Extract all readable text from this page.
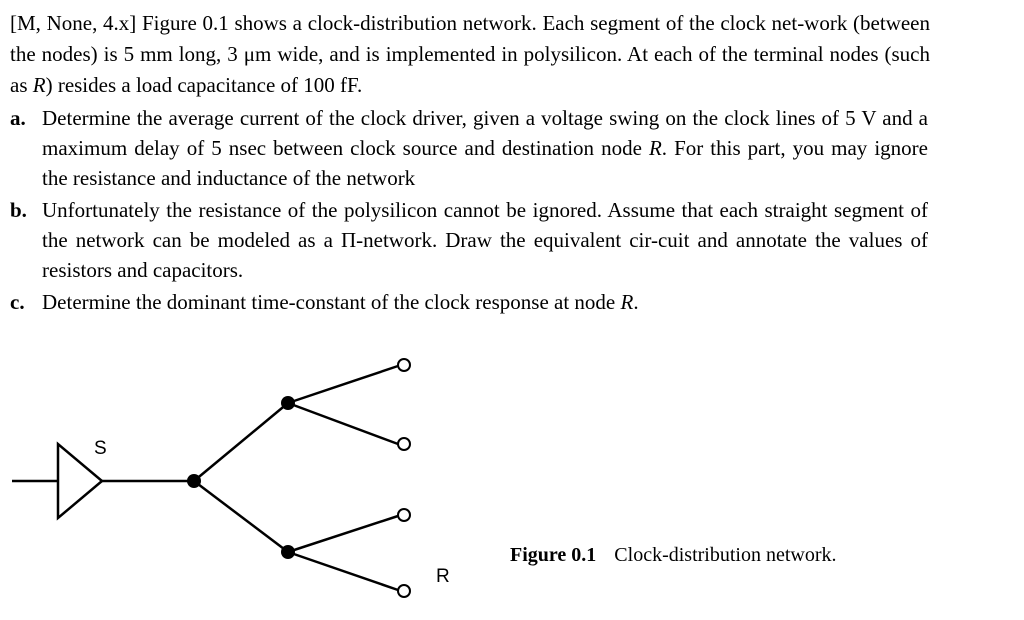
[M, None, 4.x] Figure 0.1 shows a clock-distribution network. Each segment of the clock net-work (between the nodes) is 5 mm long, 3 μm wide, and is implemented in polysilicon. At each of the terminal nodes (such as R) resides a load capacitance of 100 fF.

a. Determine the average current of the clock driver, given a voltage swing on the clock lines of 5 V and a maximum delay of 5 nsec between clock source and destination node R. For this part, you may ignore the resistance and inductance of the network
b. Unfortunately the resistance of the polysilicon cannot be ignored. Assume that each straight segment of the network can be modeled as a Π-network. Draw the equivalent cir-cuit and annotate the values of resistors and capacitors.
c. Determine the dominant time-constant of the clock response at node R.
S
R
Figure 0.1 Clock-distribution network.
